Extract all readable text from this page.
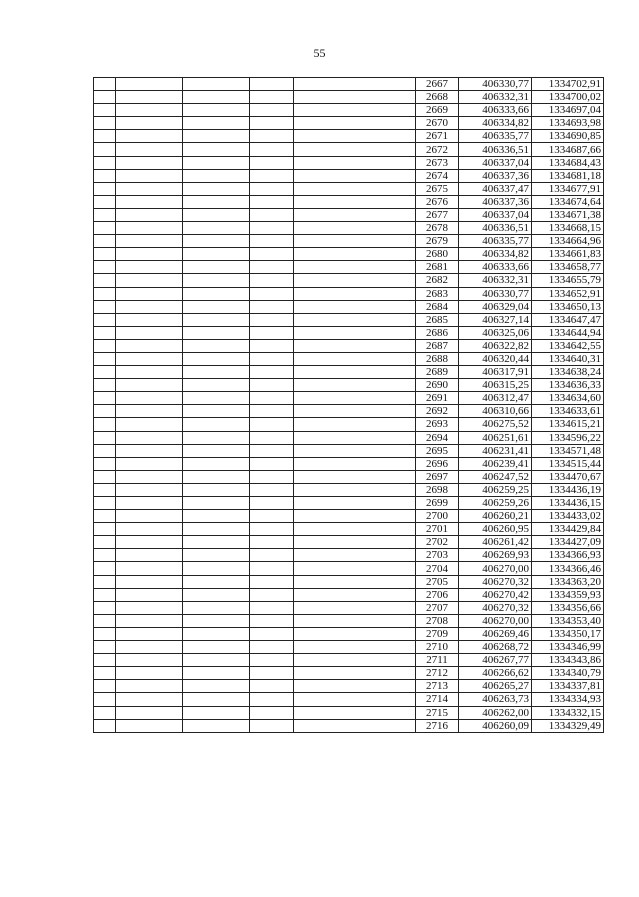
55
					2667	406330,77	1334702,91
					2668	406332,31	1334700,02
					2669	406333,66	1334697,04
					2670	406334,82	1334693,98
					2671	406335,77	1334690,85
					2672	406336,51	1334687,66
					2673	406337,04	1334684,43
					2674	406337,36	1334681,18
					2675	406337,47	1334677,91
					2676	406337,36	1334674,64
					2677	406337,04	1334671,38
					2678	406336,51	1334668,15
					2679	406335,77	1334664,96
					2680	406334,82	1334661,83
					2681	406333,66	1334658,77
					2682	406332,31	1334655,79
					2683	406330,77	1334652,91
					2684	406329,04	1334650,13
					2685	406327,14	1334647,47
					2686	406325,06	1334644,94
					2687	406322,82	1334642,55
					2688	406320,44	1334640,31
					2689	406317,91	1334638,24
					2690	406315,25	1334636,33
					2691	406312,47	1334634,60
					2692	406310,66	1334633,61
					2693	406275,52	1334615,21
					2694	406251,61	1334596,22
					2695	406231,41	1334571,48
					2696	406239,41	1334515,44
					2697	406247,52	1334470,67
					2698	406259,25	1334436,19
					2699	406259,26	1334436,15
					2700	406260,21	1334433,02
					2701	406260,95	1334429,84
					2702	406261,42	1334427,09
					2703	406269,93	1334366,93
					2704	406270,00	1334366,46
					2705	406270,32	1334363,20
					2706	406270,42	1334359,93
					2707	406270,32	1334356,66
					2708	406270,00	1334353,40
					2709	406269,46	1334350,17
					2710	406268,72	1334346,99
					2711	406267,77	1334343,86
					2712	406266,62	1334340,79
					2713	406265,27	1334337,81
					2714	406263,73	1334334,93
					2715	406262,00	1334332,15
					2716	406260,09	1334329,49
